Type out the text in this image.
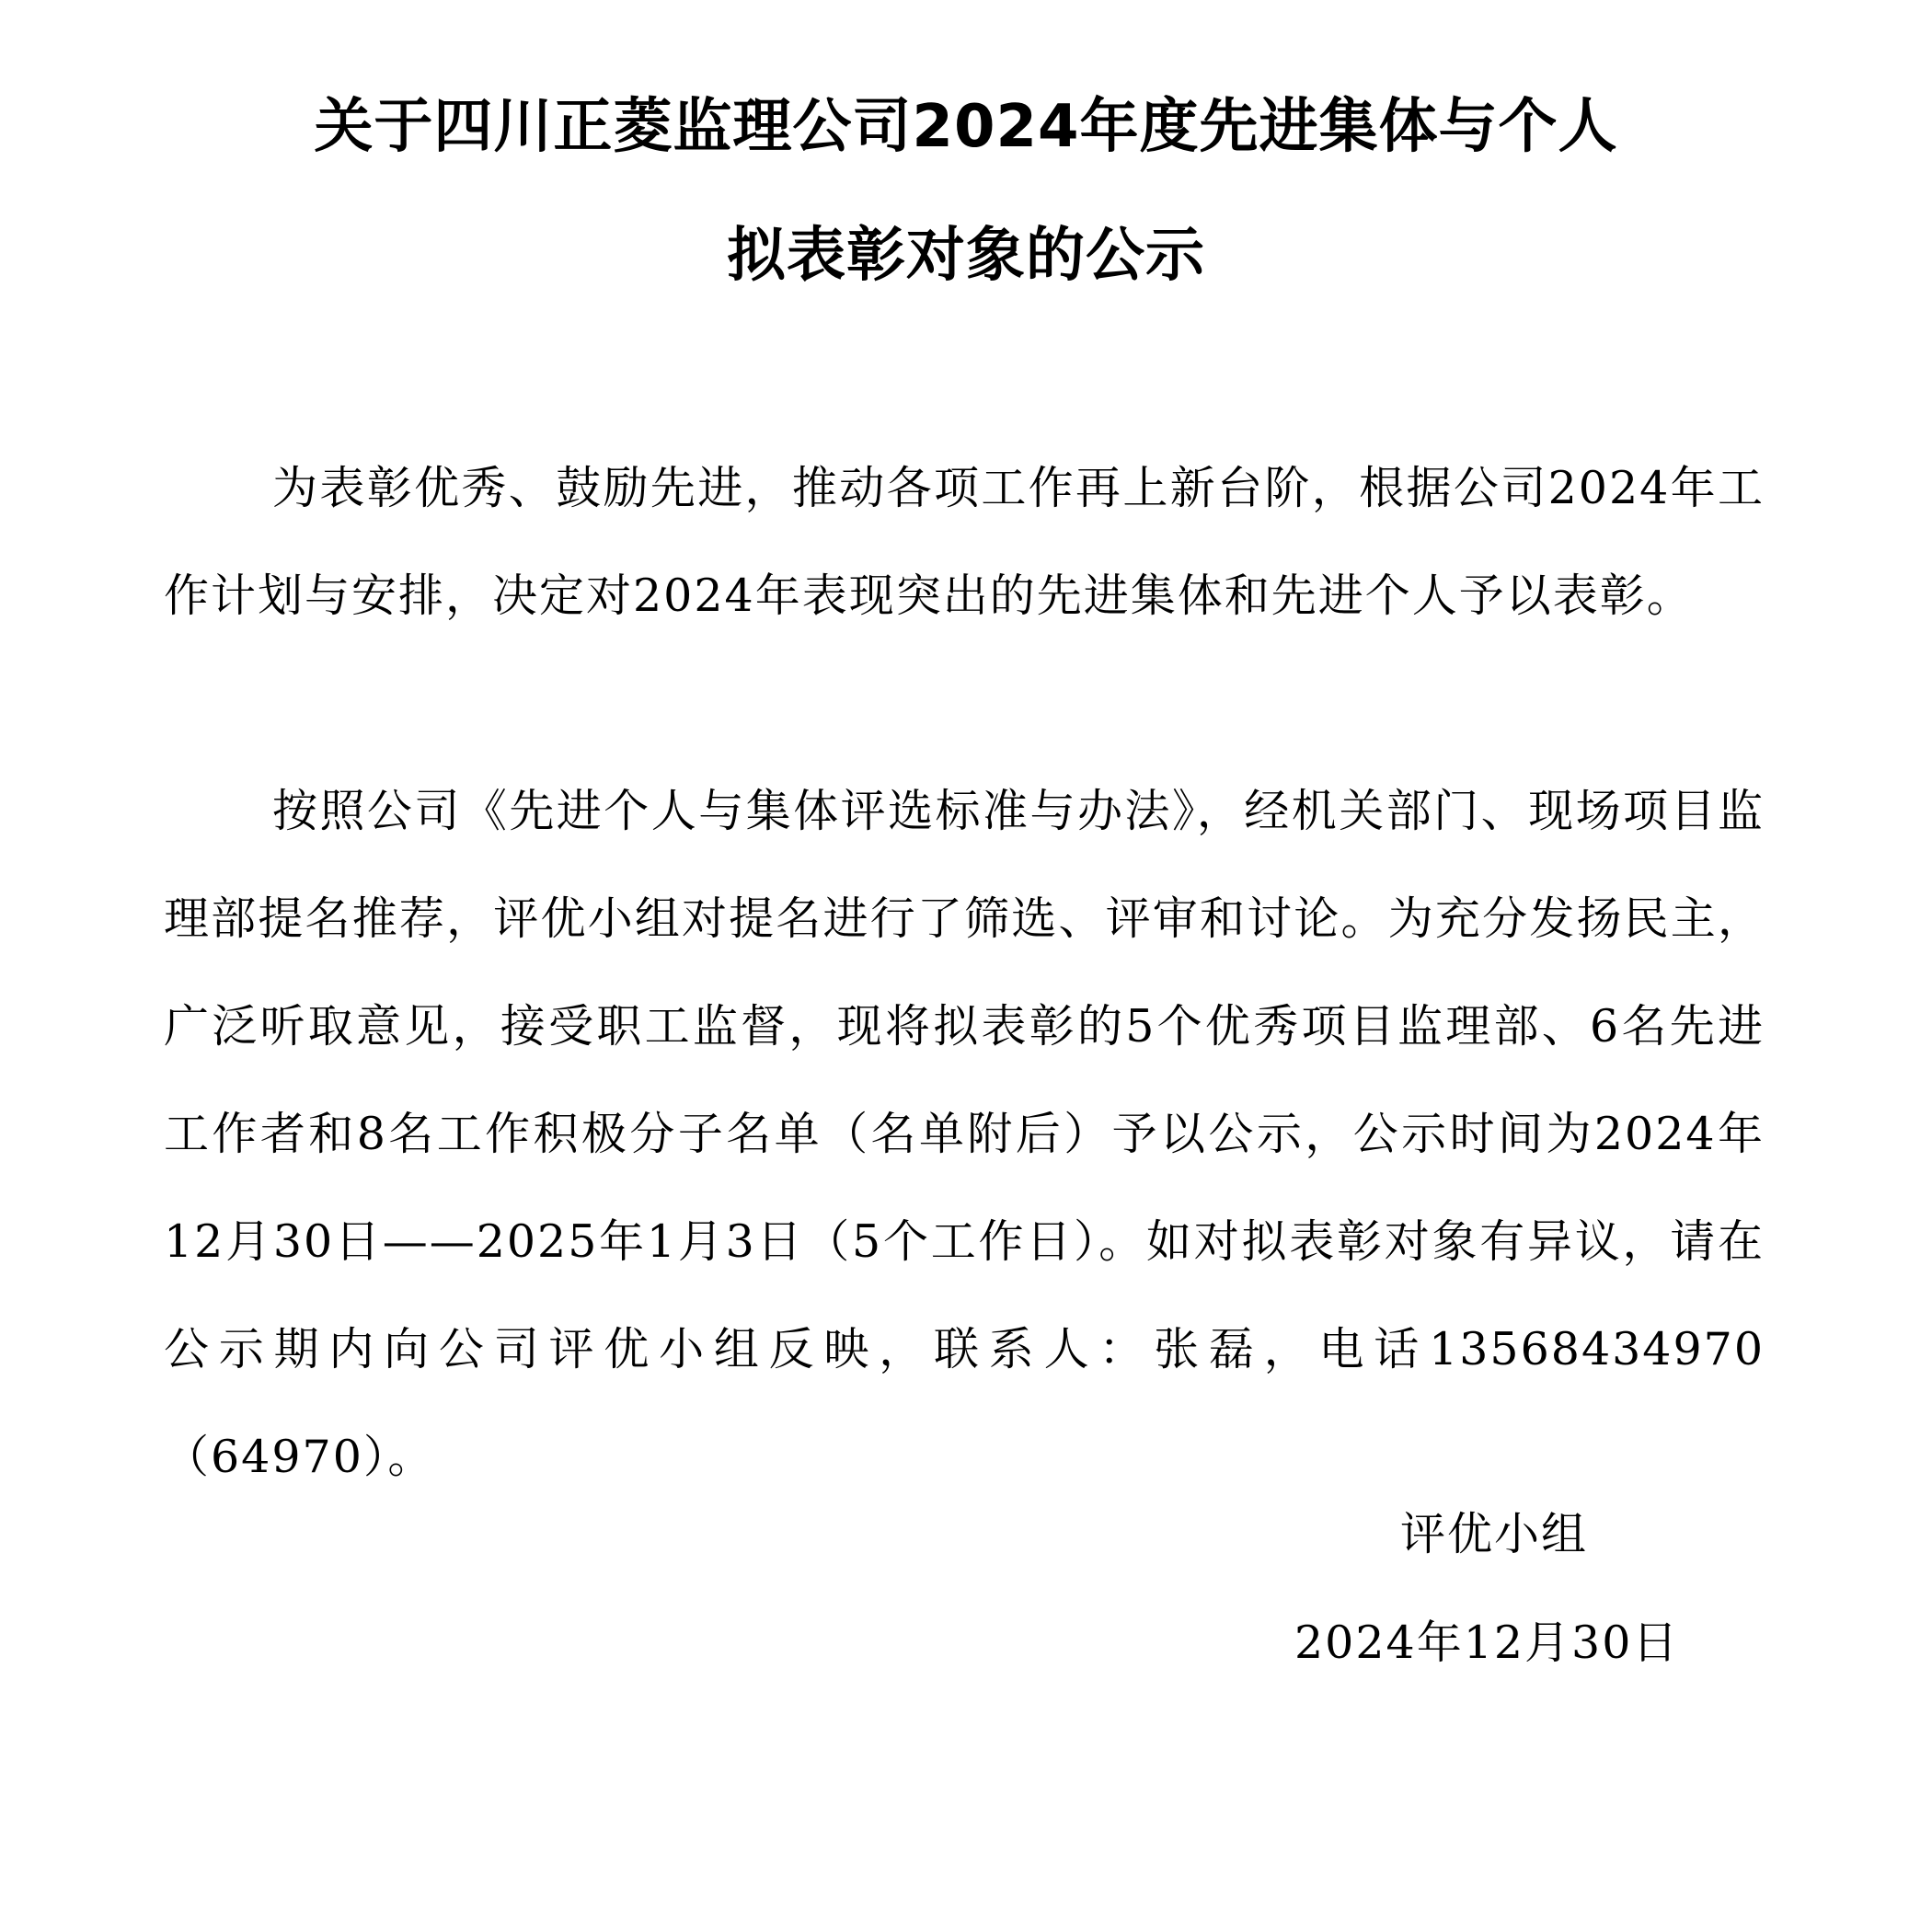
关于四川正菱监理公司2024年度先进集体与个人
拟表彰对象的公示

为表彰优秀、鼓励先进，推动各项工作再上新台阶，根据公司2024年工作计划与安排，决定对2024年表现突出的先进集体和先进个人予以表彰。

按照公司《先进个人与集体评选标准与办法》，经机关部门、现场项目监理部提名推荐，评优小组对提名进行了筛选、评审和讨论。为充分发扬民主，广泛听取意见，接受职工监督，现将拟表彰的5个优秀项目监理部、6名先进工作者和8名工作积极分子名单（名单附后）予以公示，公示时间为2024年12月30日——2025年1月3日（5个工作日）。如对拟表彰对象有异议，请在公示期内向公司评优小组反映，联系人：张磊，电话13568434970（64970）。

评优小组
2024年12月30日
